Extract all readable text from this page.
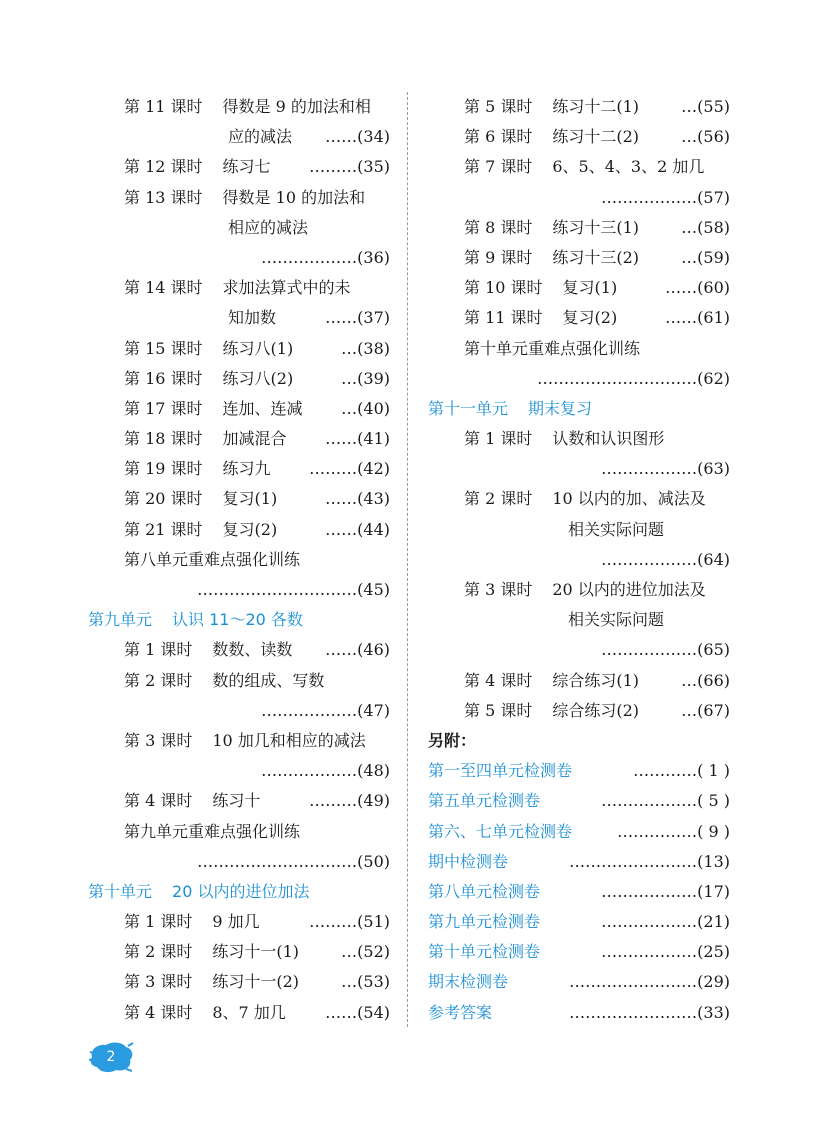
第 11 课时 得数是 9 的加法和相
应的减法 ……(34)
第 12 课时 练习七 ………(35)
第 13 课时 得数是 10 的加法和
相应的减法
………………(36)
第 14 课时 求加法算式中的未
知加数	……(37)
第 15 课时 练习八(1)	…(38)
第 16 课时 练习八(2)	…(39)
第 17 课时 连加、连减 …(40)
第 18 课时 加减混合 ……(41)
第 19 课时 练习九 ………(42)
第 20 课时 复习(1)	……(43)
第 21 课时 复习(2)	……(44)
第八单元重难点强化训练
…………………………(45)
第九单元 认识 11～20 各数
第 1 课时 数数、读数 ……(46)
第 2 课时 数的组成、写数
………………(47)
第 3 课时 10 加几和相应的减法
………………(48)
第 4 课时 练习十	………(49)
第九单元重难点强化训练
…………………………(50)
第十单元 20 以内的进位加法
第 1 课时 9 加几	………(51)
第 2 课时 练习十一(1)	…(52)
第 3 课时 练习十一(2)	…(53)
第 4 课时 8、7 加几 ……(54)
第 5 课时 练习十二(1)	…(55)
第 6 课时 练习十二(2)	…(56)
第 7 课时 6、5、4、3、2 加几
………………(57)
第 8 课时 练习十三(1)	…(58)
第 9 课时 练习十三(2)	…(59)
第 10 课时 复习(1)	……(60)
第 11 课时 复习(2)	……(61)
第十单元重难点强化训练
…………………………(62)
第十一单元 期末复习
第 1 课时 认数和认识图形
………………(63)
第 2 课时 10 以内的加、减法及
相关实际问题
………………(64)
第 3 课时 20 以内的进位加法及
相关实际问题
………………(65)
第 4 课时 综合练习(1)	…(66)
第 5 课时 综合练习(2)	…(67)
另附：
第一至四单元检测卷	…………( 1 )
第五单元检测卷	………………( 5 )
第六、七单元检测卷	……………( 9 )
期中检测卷	……………………(13)
第八单元检测卷	………………(17)
第九单元检测卷	………………(21)
第十单元检测卷	………………(25)
期末检测卷	……………………(29)
参考答案	……………………(33)
2
